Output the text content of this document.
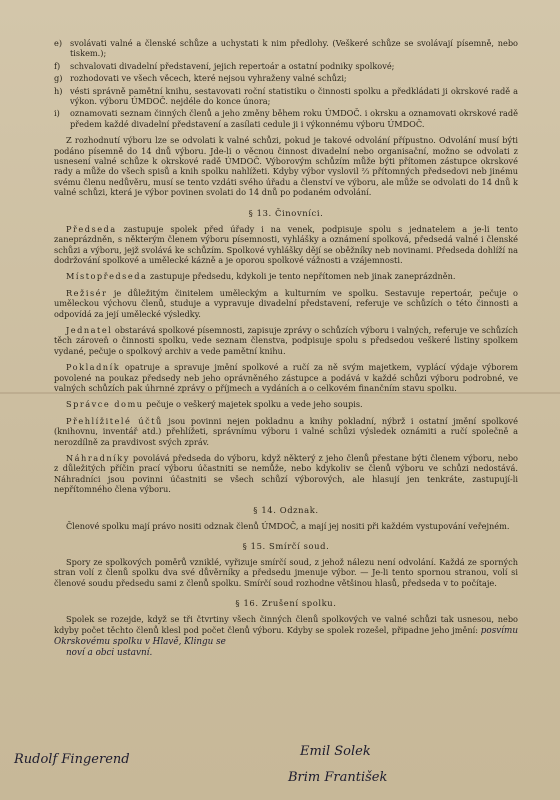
e) svolávati valné a členské schůze a uchystati k nim předlohy. (Veškeré schůze se svolávají písemně, nebo tiskem.);
f) schvalovati divadelní představení, jejich repertoár a ostatní podniky spolkové;
g) rozhodovati ve všech věcech, které nejsou vyhraženy valné schůzi;
h) vésti správně pamětní knihu, sestavovati roční statistiku o činnosti spolku a předkládati ji okrskové radě a výkon. výboru ÚMDOČ. nejdéle do konce února;
i) oznamovati seznam činných členů a jeho změny během roku ÚMDOČ. i okrsku a oznamovati okrskové radě předem každé divadelní představení a zasílati cedule ji i výkonnému výboru ÚMDOČ.

Z rozhodnutí výboru lze se odvolati k valné schůzi, pokud je takové odvolání přípustno. Odvolání musí býti podáno písemně do 14 dnů výboru. Jde-li o věcnou činnost divadelní nebo organisační, možno se odvolati z usnesení valné schůze k okrskové radě ÚMDOČ. Výborovým schůzím může býti přítomen zástupce okrskové rady a může do všech spisů a knih spolku nahlížeti. Kdyby výbor vyslovil ⅔ přítomných předsedovi neb jinému svému členu nedůvěru, musí se tento vzdáti svého úřadu a členství ve výboru, ale může se odvolati do 14 dnů k valné schůzi, která je výbor povinen svolati do 14 dnů po podaném odvolání.

§ 13. Činovníci.

Předseda zastupuje spolek před úřady i na venek, podpisuje spolu s jednatelem a je-li tento zaneprázdněn, s některým členem výboru písemnosti, vyhlášky a oznámení spolková, předsedá valné i členské schůzi a výboru, jejž svolává ke schůzím. Spolkové vyhlášky dějí se oběžníky neb novinami. Předseda dohlíží na dodržování spolkové a umělecké kázně a je oporou spolkové vážnosti a vzájemnosti.

Místopředseda zastupuje předsedu, kdykoli je tento nepřítomen neb jinak zaneprázdněn.

Režisér je důležitým činitelem uměleckým a kulturním ve spolku. Sestavuje repertoár, pečuje o uměleckou výchovu členů, studuje a vypravuje divadelní představení, referuje ve schůzích o této činnosti a odpovídá za její umělecké výsledky.

Jednatel obstarává spolkové písemnosti, zapisuje zprávy o schůzích výboru i valných, referuje ve schůzích těch zároveň o činnosti spolku, vede seznam členstva, podpisuje spolu s předsedou veškeré listiny spolkem vydané, pečuje o spolkový archiv a vede pamětní knihu.

Pokladník opatruje a spravuje jmění spolkové a ručí za ně svým majetkem, vyplácí výdaje výborem povolené na poukaz předsedy neb jeho oprávněného zástupce a podává v každé schůzi výboru podrobné, ve valných schůzích pak úhrnné zprávy o příjmech a vydáních a o celkovém finančním stavu spolku.

Správce domu pečuje o veškerý majetek spolku a vede jeho soupis.

Přehlížitelé účtů jsou povinni nejen pokladnu a knihy pokladní, nýbrž i ostatní jmění spolkové (knihovnu, inventář atd.) přehlížeti, správnímu výboru i valné schůzi výsledek oznámiti a ručí společně a nerozdílně za pravdivost svých zpráv.

Náhradníky povolává předseda do výboru, když některý z jeho členů přestane býti členem výboru, nebo z důležitých příčin prací výboru účastniti se nemůže, nebo kdykoliv se členů výboru ve schůzi nedostává. Náhradníci jsou povinni účastniti se všech schůzí výborových, ale hlasují jen tenkráte, zastupují-li nepřítomného člena výboru.

§ 14. Odznak.

Členové spolku mají právo nositi odznak členů ÚMDOČ, a mají jej nositi při každém vystupování veřejném.

§ 15. Smírčí soud.

Spory ze spolkových poměrů vzniklé, vyřizuje smírčí soud, z jehož nálezu není odvolání. Každá ze sporných stran volí z členů spolku dva své důvěrníky a předsedu jmenuje výbor. — Je-li tento spornou stranou, volí si členové soudu předsedu sami z členů spolku. Smírčí soud rozhodne většinou hlasů, předseda v to počítaje.

§ 16. Zrušení spolku.

Spolek se rozejde, když se tři čtvrtiny všech činných členů spolkových ve valné schůzi tak usnesou, nebo kdyby počet těchto členů klesl pod počet členů výboru. Kdyby se spolek rozešel, připadne jeho jmění: posvímu Okrskovému spolku v Hlavě, Klingu se

noví a obci ustavní.

Rudolf Fingerend
Emil Solek
Brim František
